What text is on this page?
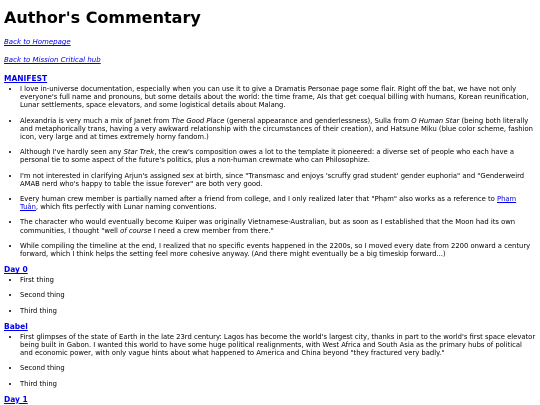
Author's Commentary
Back to Homepage
Back to Mission Critical hub
MANIFEST
• I love in-universe documentation, especially when you can use it to give a Dramatis Personae page some flair. Right off the bat, we have not only everyone's full name and pronouns, but some details about the world: the time frame, AIs that get coequal billing with humans, Korean reunification, Lunar settlements, space elevators, and some logistical details about Malang.
• Alexandria is very much a mix of Janet from The Good Place (general appearance and genderlessness), Sulla from O Human Star (being both literally and metaphorically trans, having a very awkward relationship with the circumstances of their creation), and Hatsune Miku (blue color scheme, fashion icon, very large and at times extremely horny fandom.)
• Although I've hardly seen any Star Trek, the crew's composition owes a lot to the template it pioneered: a diverse set of people who each have a personal tie to some aspect of the future's politics, plus a non-human crewmate who can Philosophize.
• I'm not interested in clarifying Arjun's assigned sex at birth, since "Transmasc and enjoys 'scruffy grad student' gender euphoria" and "Genderweird AMAB nerd who's happy to table the issue forever" are both very good.
• Every human crew member is partially named after a friend from college, and I only realized later that "Phạm" also works as a reference to Phạm Tuân, which fits perfectly with Lunar naming conventions.
• The character who would eventually become Kuiper was originally Vietnamese-Australian, but as soon as I established that the Moon had its own communities, I thought "well of course I need a crew member from there."
• While compiling the timeline at the end, I realized that no specific events happened in the 2200s, so I moved every date from 2200 onward a century forward, which I think helps the setting feel more cohesive anyway. (And there might eventually be a big timeskip forward...)
Day 0
• First thing
• Second thing
• Third thing
Babel
• First glimpses of the state of Earth in the late 23rd century: Lagos has become the world's largest city, thanks in part to the world's first space elevator being built in Gabon. I wanted this world to have some huge political realignments, with West Africa and South Asia as the primary hubs of political and economic power, with only vague hints about what happened to America and China beyond "they fractured very badly."
• Second thing
• Third thing
Day 1
